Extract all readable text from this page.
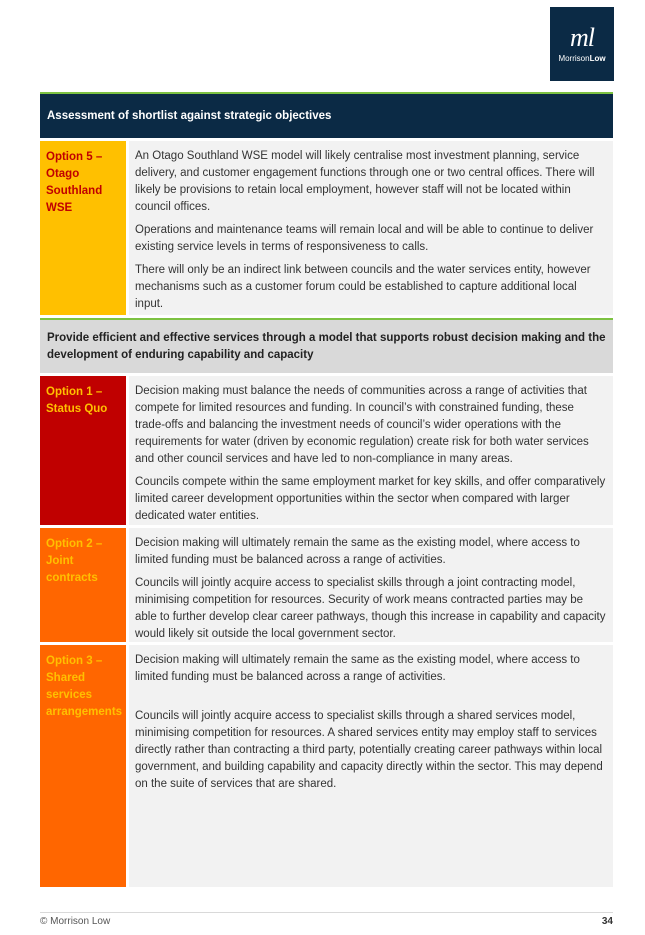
ml
MorrisonLow
Assessment of shortlist against strategic objectives
Option 5 – Otago Southland WSE

An Otago Southland WSE model will likely centralise most investment planning, service delivery, and customer engagement functions through one or two central offices. There will likely be provisions to retain local employment, however staff will not be located within council offices.

Operations and maintenance teams will remain local and will be able to continue to deliver existing service levels in terms of responsiveness to calls.

There will only be an indirect link between councils and the water services entity, however mechanisms such as a customer forum could be established to capture additional local input.

Provide efficient and effective services through a model that supports robust decision making and the development of enduring capability and capacity
Option 1 – Status Quo

Decision making must balance the needs of communities across a range of activities that compete for limited resources and funding. In council’s with constrained funding, these trade-offs and balancing the investment needs of council’s wider operations with the requirements for water (driven by economic regulation) create risk for both water services and other council services and have led to non-compliance in many areas.

Councils compete within the same employment market for key skills, and offer comparatively limited career development opportunities within the sector when compared with larger dedicated water entities.

Option 2 – Joint contracts

Decision making will ultimately remain the same as the existing model, where access to limited funding must be balanced across a range of activities.

Councils will jointly acquire access to specialist skills through a joint contracting model, minimising competition for resources. Security of work means contracted parties may be able to further develop clear career pathways, though this increase in capability and capacity would likely sit outside the local government sector.

Option 3 – Shared services arrangements

Decision making will ultimately remain the same as the existing model, where access to limited funding must be balanced across a range of activities.

Councils will jointly acquire access to specialist skills through a shared services model, minimising competition for resources. A shared services entity may employ staff to services directly rather than contracting a third party, potentially creating career pathways within local government, and building capability and capacity directly within the sector. This may depend on the suite of services that are shared.

© Morrison Low	34
